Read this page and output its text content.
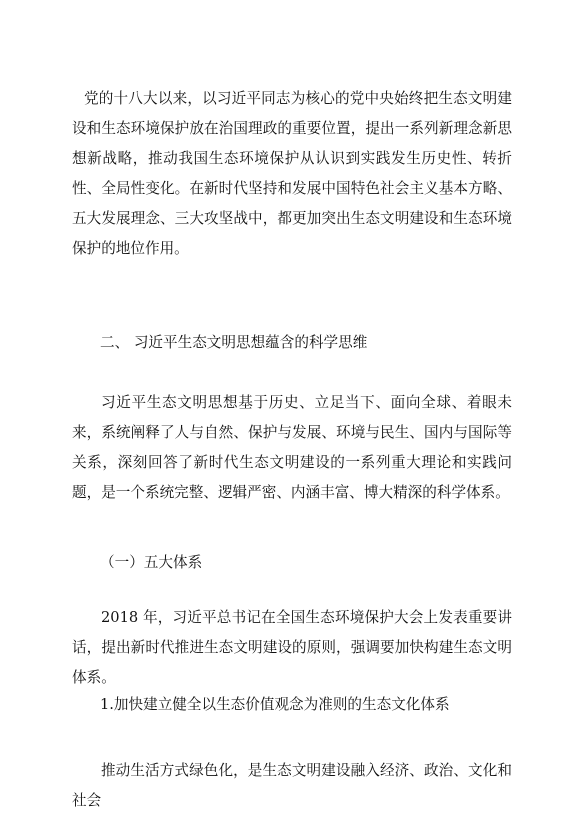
党的十八大以来，以习近平同志为核心的党中央始终把生态文明建设和生态环境保护放在治国理政的重要位置，提出一系列新理念新思想新战略，推动我国生态环境保护从认识到实践发生历史性、转折性、全局性变化。在新时代坚持和发展中国特色社会主义基本方略、五大发展理念、三大攻坚战中，都更加突出生态文明建设和生态环境保护的地位作用。

二、 习近平生态文明思想蕴含的科学思维

习近平生态文明思想基于历史、立足当下、面向全球、着眼未来，系统阐释了人与自然、保护与发展、环境与民生、国内与国际等关系，深刻回答了新时代生态文明建设的一系列重大理论和实践问题，是一个系统完整、逻辑严密、内涵丰富、博大精深的科学体系。

（一）五大体系

2018 年，习近平总书记在全国生态环境保护大会上发表重要讲话，提出新时代推进生态文明建设的原则，强调要加快构建生态文明体系。

1.加快建立健全以生态价值观念为准则的生态文化体系

推动生活方式绿色化，是生态文明建设融入经济、政治、文化和社会
